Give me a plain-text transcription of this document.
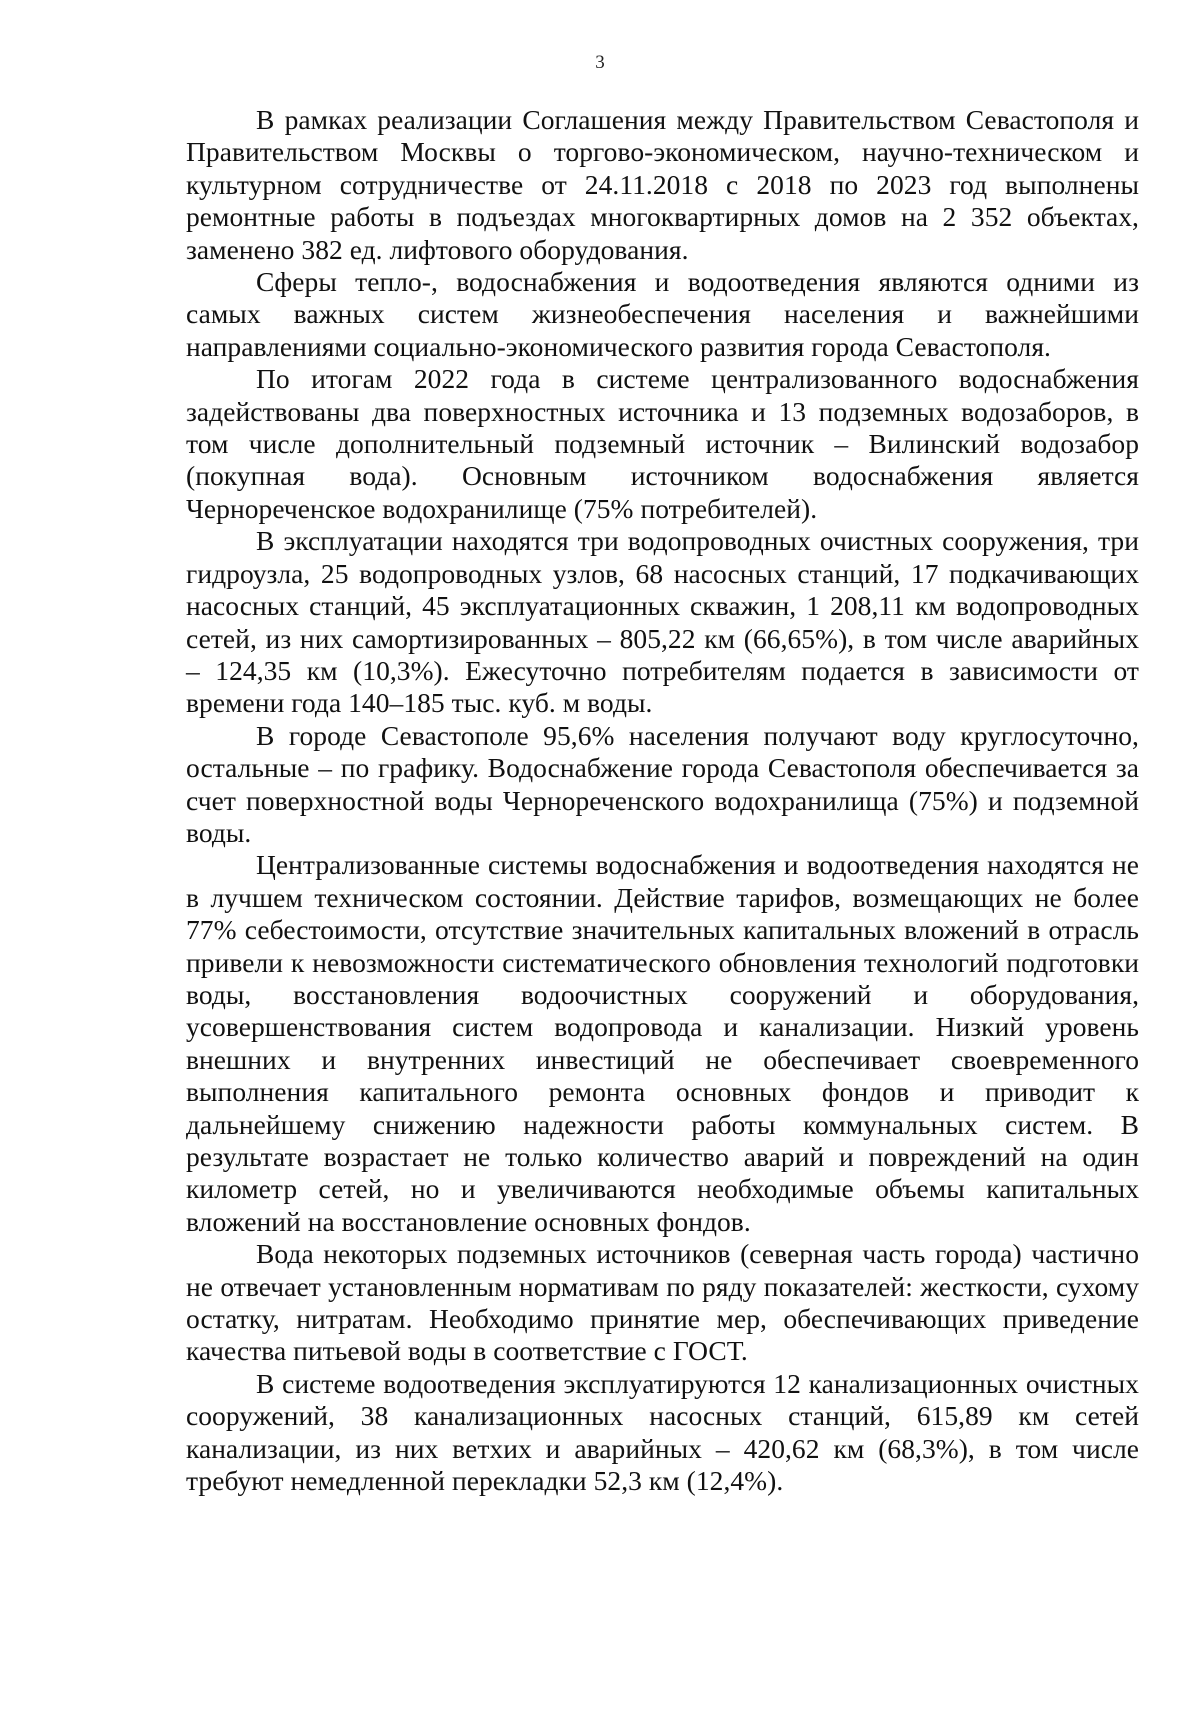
3

В рамках реализации Соглашения между Правительством Севастополя и Правительством Москвы о торгово-экономическом, научно-техническом и культурном сотрудничестве от 24.11.2018 с 2018 по 2023 год выполнены ремонтные работы в подъездах многоквартирных домов на 2 352 объектах, заменено 382 ед. лифтового оборудования.

Сферы тепло-, водоснабжения и водоотведения являются одними из самых важных систем жизнеобеспечения населения и важнейшими направлениями социально-экономического развития города Севастополя.

По итогам 2022 года в системе централизованного водоснабжения задействованы два поверхностных источника и 13 подземных водозаборов, в том числе дополнительный подземный источник – Вилинский водозабор (покупная вода). Основным источником водоснабжения является Чернореченское водохранилище (75% потребителей).

В эксплуатации находятся три водопроводных очистных сооружения, три гидроузла, 25 водопроводных узлов, 68 насосных станций, 17 подкачивающих насосных станций, 45 эксплуатационных скважин, 1 208,11 км водопроводных сетей, из них самортизированных – 805,22 км (66,65%), в том числе аварийных – 124,35 км (10,3%). Ежесуточно потребителям подается в зависимости от времени года 140–185 тыс. куб. м воды.

В городе Севастополе 95,6% населения получают воду круглосуточно, остальные – по графику. Водоснабжение города Севастополя обеспечивается за счет поверхностной воды Чернореченского водохранилища (75%) и подземной воды.

Централизованные системы водоснабжения и водоотведения находятся не в лучшем техническом состоянии. Действие тарифов, возмещающих не более 77% себестоимости, отсутствие значительных капитальных вложений в отрасль привели к невозможности систематического обновления технологий подготовки воды, восстановления водоочистных сооружений и оборудования, усовершенствования систем водопровода и канализации. Низкий уровень внешних и внутренних инвестиций не обеспечивает своевременного выполнения капитального ремонта основных фондов и приводит к дальнейшему снижению надежности работы коммунальных систем. В результате возрастает не только количество аварий и повреждений на один километр сетей, но и увеличиваются необходимые объемы капитальных вложений на восстановление основных фондов.

Вода некоторых подземных источников (северная часть города) частично не отвечает установленным нормативам по ряду показателей: жесткости, сухому остатку, нитратам. Необходимо принятие мер, обеспечивающих приведение качества питьевой воды в соответствие с ГОСТ.

В системе водоотведения эксплуатируются 12 канализационных очистных сооружений, 38 канализационных насосных станций, 615,89 км сетей канализации, из них ветхих и аварийных – 420,62 км (68,3%), в том числе требуют немедленной перекладки 52,3 км (12,4%).
